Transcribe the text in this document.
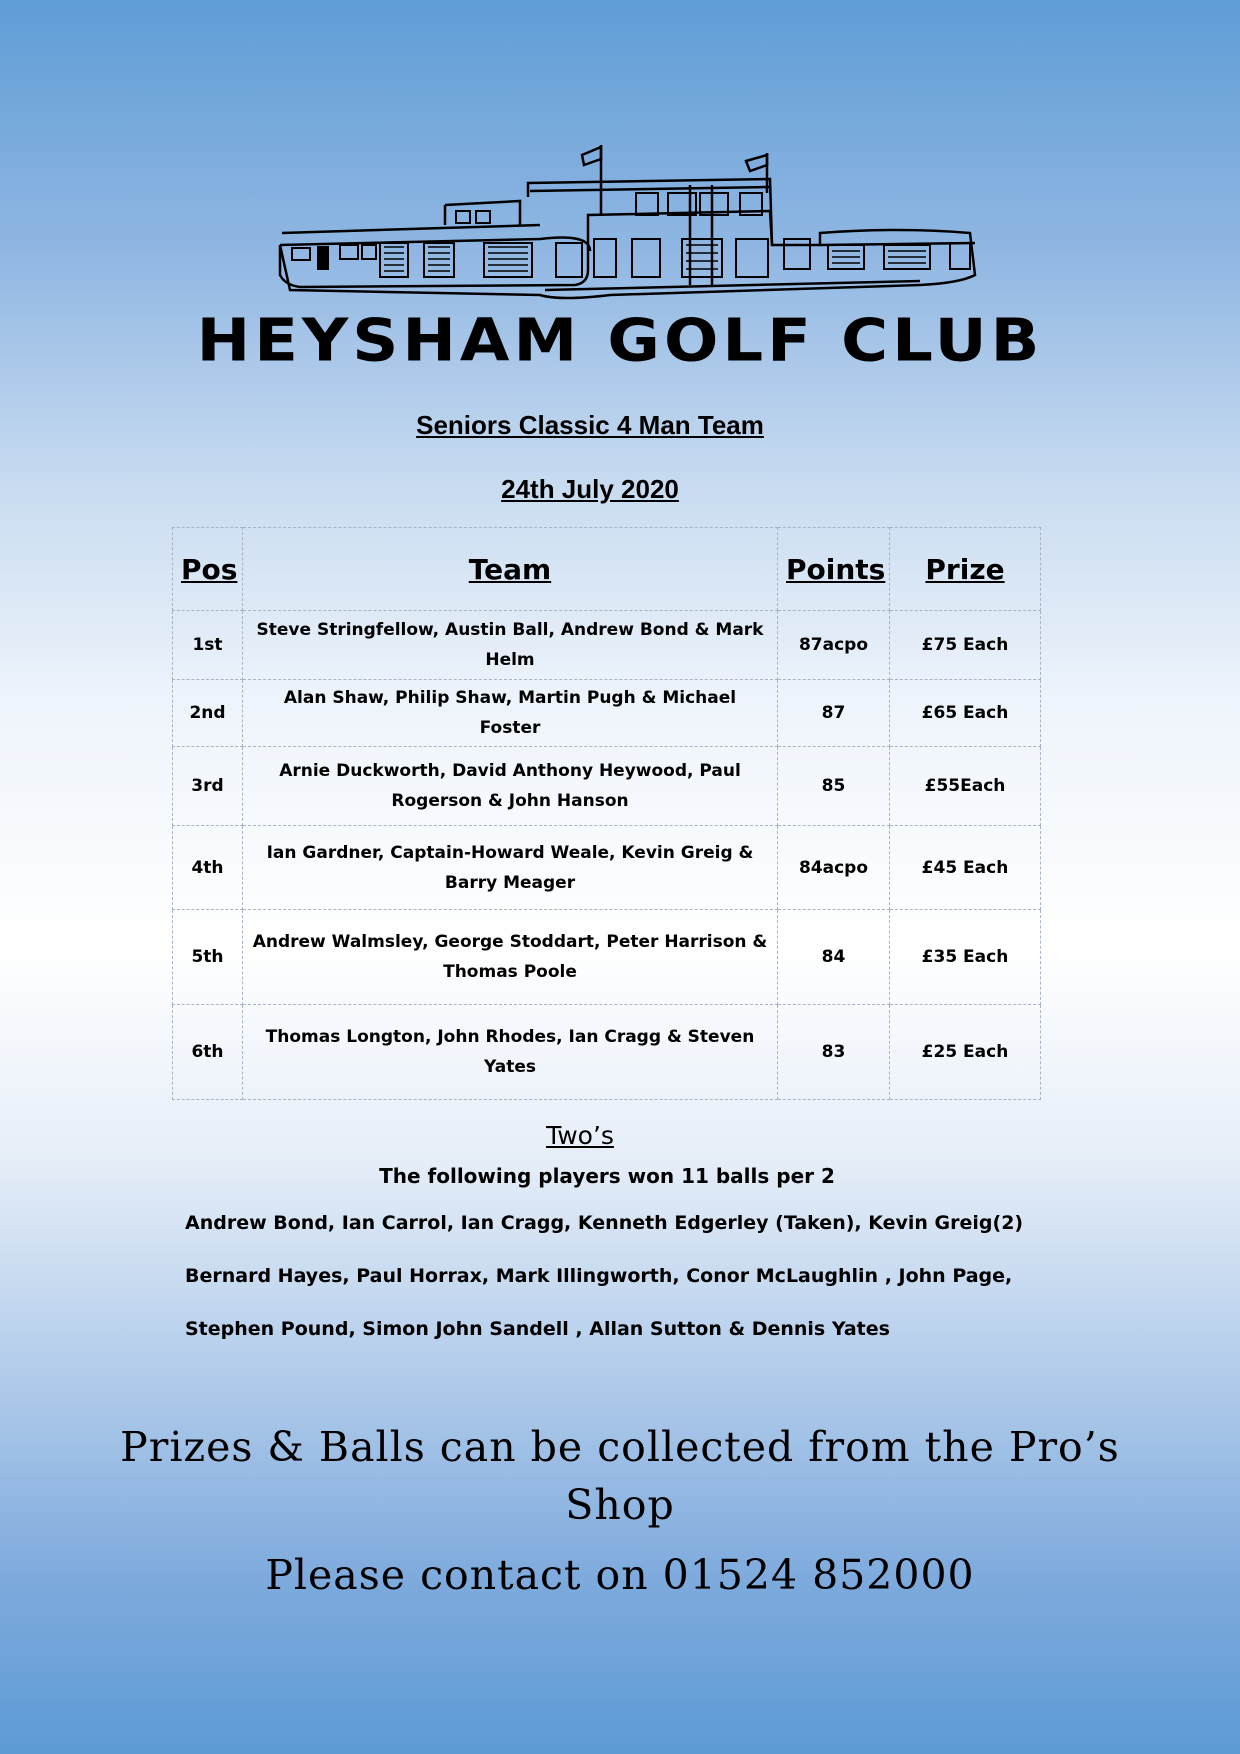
HEYSHAM GOLF CLUB
Seniors Classic 4 Man Team
24th July 2020
Pos	Team	Points	Prize
1st	Steve Stringfellow, Austin Ball, Andrew Bond & Mark Helm	87acpo	£75 Each
2nd	Alan Shaw, Philip Shaw, Martin Pugh & Michael Foster	87	£65 Each
3rd	Arnie Duckworth, David Anthony Heywood, Paul Rogerson & John Hanson	85	£55Each
4th	Ian Gardner, Captain-Howard Weale, Kevin Greig & Barry Meager	84acpo	£45 Each
5th	Andrew Walmsley, George Stoddart, Peter Harrison & Thomas Poole	84	£35 Each
6th	Thomas Longton, John Rhodes, Ian Cragg & Steven Yates	83	£25 Each
Two’s
The following players won 11 balls per 2
Andrew Bond, Ian Carrol, Ian Cragg, Kenneth Edgerley (Taken), Kevin Greig(2)
Bernard Hayes, Paul Horrax, Mark Illingworth, Conor McLaughlin , John Page,
Stephen Pound, Simon John Sandell , Allan Sutton & Dennis Yates
Prizes & Balls can be collected from the Pro’s Shop
Please contact on 01524 852000
